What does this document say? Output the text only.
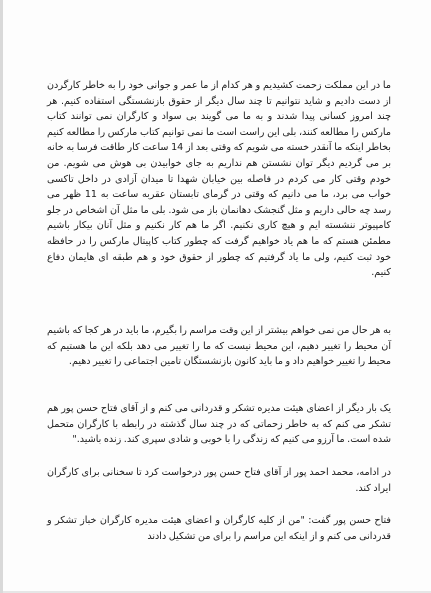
ما در این مملکت زحمت کشیدیم و هر کدام از ما عمر و جوانی خود را به خاطر کارگردن از دست دادیم و شاید نتوانیم تا چند سال دیگر از حقوق بازنشستگی استفاده کنیم. هر چند امروز کسانی پیدا شدند و به ما می گویند بی سواد و کارگران نمی توانند کتاب مارکس را مطالعه کنند، بلی این راست است ما نمی توانیم کتاب مارکس را مطالعه کنیم بخاطر اینکه ما آنقدر خسته می شویم که وقتی بعد از 14 ساعت کار طاقت فرسا به خانه بر می گردیم دیگر توان نشستن هم نداریم به جای خوابیدن بی هوش می شویم. من خودم وقتی کار می کردم در فاصله بین خیابان شهدا تا میدان آزادی در داخل تاکسی خواب می برد، ما می دانیم که وقتی در گرمای تابستان عقربه ساعت به 11 ظهر می رسد چه حالی داریم و مثل گنجشک دهانمان باز می شود. بلی ما مثل آن اشخاص در جلو کامپیوتر ننشسته ایم و هیچ کاری نکنیم. اگر ما هم کار نکنیم و مثل آنان بیکار باشیم مطمئن هستم که ما هم یاد خواهیم گرفت که چطور کتاب کاپیتال مارکس را در حافظه خود ثبت کنیم، ولی ما یاد گرفتیم که چطور از حقوق خود و هم طبقه ای هایمان دفاع کنیم.
به هر حال من نمی خواهم بیشتر از این وقت مراسم را بگیرم، ما باید در هر کجا که باشیم آن محیط را تغییر دهیم، این محیط نیست که ما را تغییر می دهد بلکه این ما هستیم که محیط را تغییر خواهیم داد و ما باید کانون بازنشستگان تامین اجتماعی را تغییر دهیم.
یک بار دیگر از اعضای هیئت مدیره تشکر و قدردانی می کنم و از آقای فتاح حسن پور هم تشکر می کنم که به خاطر زحماتی که در چند سال گذشته در رابطه با کارگران متحمل شده است. ما آرزو می کنیم که زندگی را با خوبی و شادی سپری کند. زنده باشید."
در ادامه، محمد احمد پور از آقای فتاح حسن پور درخواست کرد تا سخنانی برای کارگران ایراد کند.
فتاح حسن پور گفت: "من از کلیه کارگران و اعضای هیئت مدیره کارگران خباز تشکر و قدردانی می کنم و از اینکه این مراسم را برای من تشکیل دادند
